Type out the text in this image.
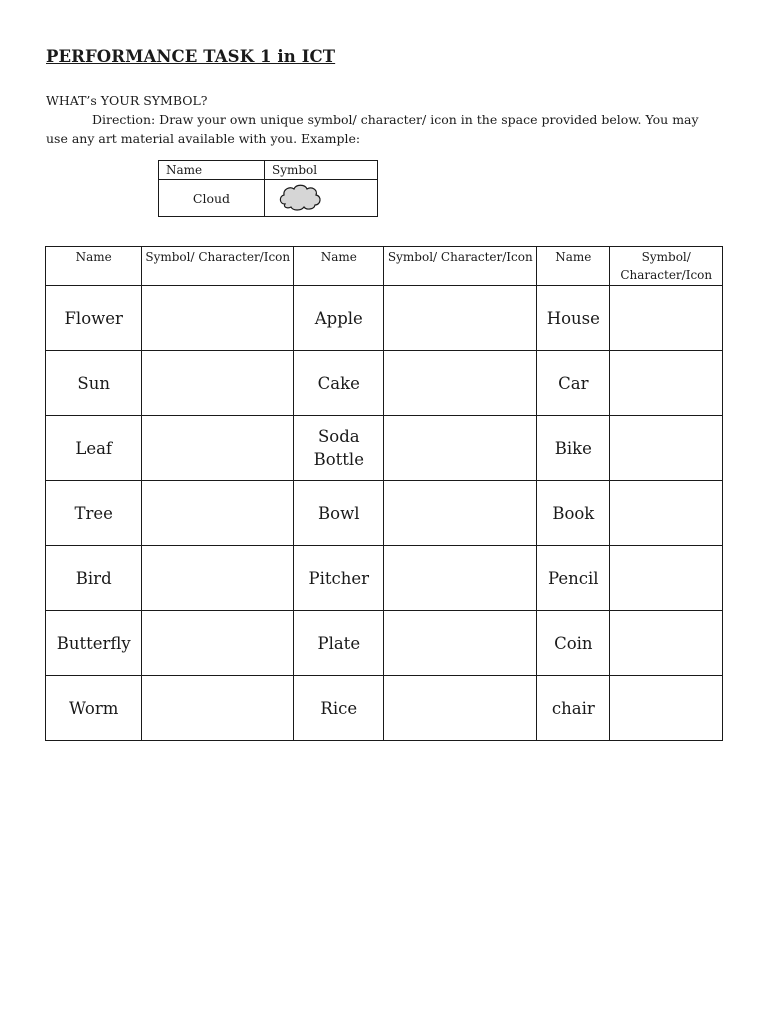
PERFORMANCE TASK 1 in ICT
WHAT’s YOUR SYMBOL?
Direction: Draw your own unique symbol/ character/ icon in the space provided below. You may use any art material available with you. Example:
Name	Symbol
Cloud	
Name	Symbol/ Character/Icon	Name	Symbol/ Character/Icon	Name	Symbol/ Character/Icon
Flower		Apple		House	
Sun		Cake		Car	
Leaf		Soda Bottle		Bike	
Tree		Bowl		Book	
Bird		Pitcher		Pencil	
Butterfly		Plate		Coin	
Worm		Rice		chair	
